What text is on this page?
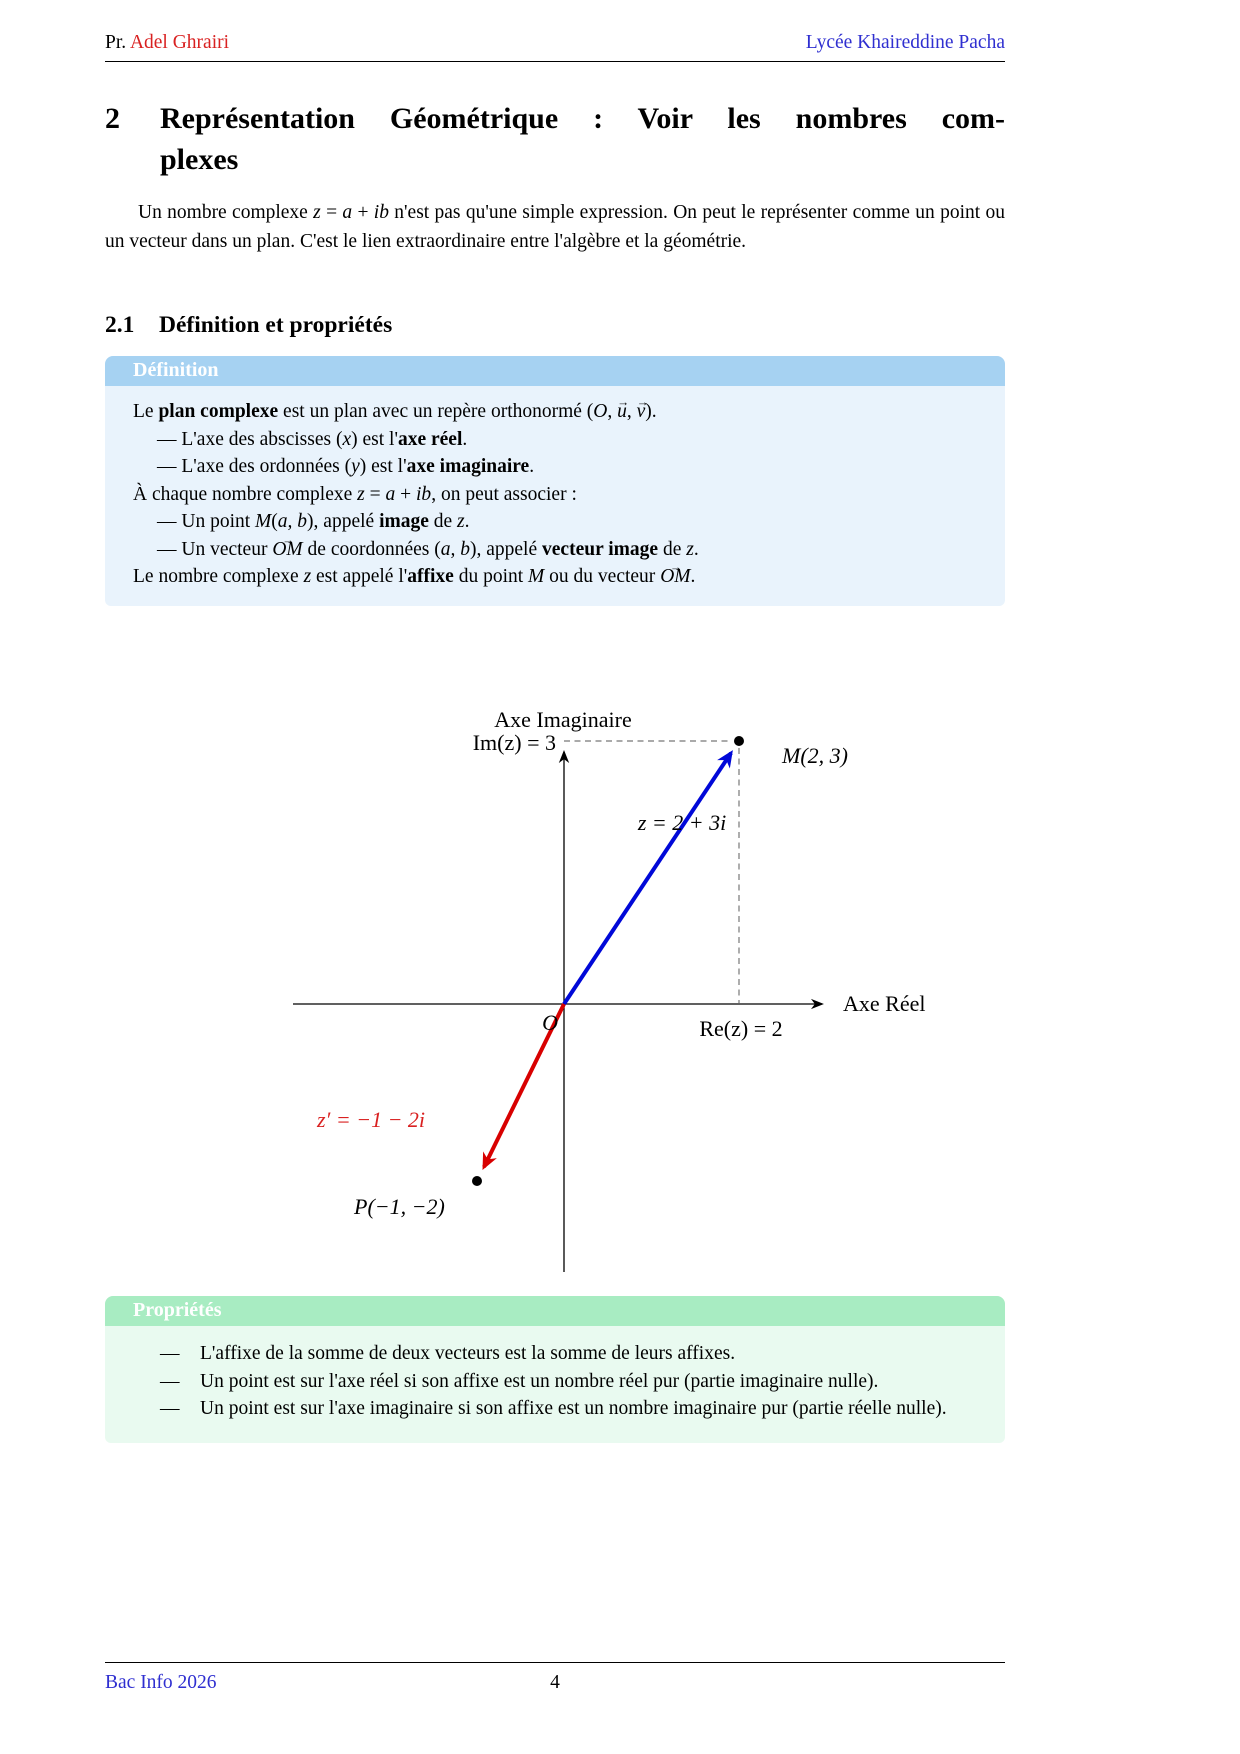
Pr. Adel Ghrairi	Lycée Khaireddine Pacha
2	Représentation Géométrique : Voir les nombres com-
plexes
Un nombre complexe z = a + ib n'est pas qu'une simple expression. On peut le représenter comme un point ou un vecteur dans un plan. C'est le lien extraordinaire entre l'algèbre et la géométrie.
2.1	Définition et propriétés
Définition
Le plan complexe est un plan avec un repère orthonormé (O, → u, → v).
— L'axe des abscisses (x) est l'axe réel.
— L'axe des ordonnées (y) est l'axe imaginaire.
À chaque nombre complexe z = a + ib, on peut associer :
— Un point M(a, b), appelé image de z.
— Un vecteur → OM de coordonnées (a, b), appelé vecteur image de z.
Le nombre complexe z est appelé l'affixe du point M ou du vecteur → OM.
Axe Imaginaire
Im(z) = 3
Axe Réel
Re(z) = 2
O
M(2, 3)
z = 2 + 3i
z′ = −1 − 2i
P(−1, −2)
Propriétés
—	L'affixe de la somme de deux vecteurs est la somme de leurs affixes.
—	Un point est sur l'axe réel si son affixe est un nombre réel pur (partie imaginaire nulle).
—	Un point est sur l'axe imaginaire si son affixe est un nombre imaginaire pur (partie réelle nulle).
Bac Info 2026	4
